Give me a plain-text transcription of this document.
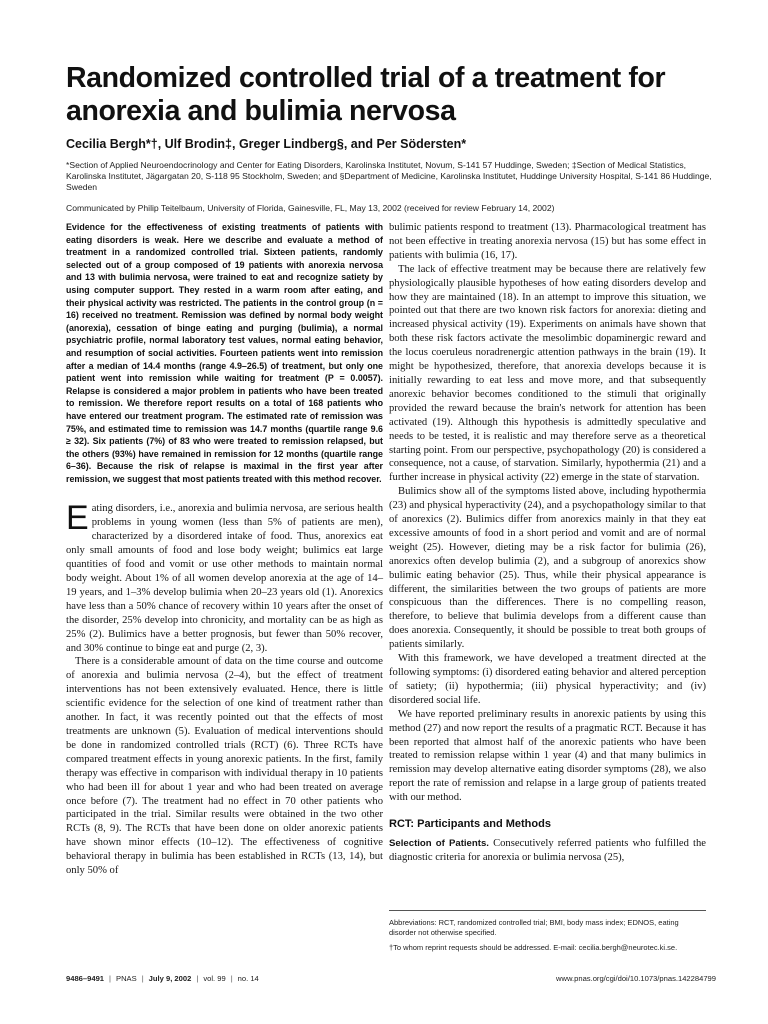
Randomized controlled trial of a treatment for anorexia and bulimia nervosa

Cecilia Bergh*†, Ulf Brodin‡, Greger Lindberg§, and Per Södersten*

*Section of Applied Neuroendocrinology and Center for Eating Disorders, Karolinska Institutet, Novum, S-141 57 Huddinge, Sweden; ‡Section of Medical Statistics, Karolinska Institutet, Jägargatan 20, S-118 95 Stockholm, Sweden; and §Department of Medicine, Karolinska Institutet, Huddinge University Hospital, S-141 86 Huddinge, Sweden

Communicated by Philip Teitelbaum, University of Florida, Gainesville, FL, May 13, 2002 (received for review February 14, 2002)

Evidence for the effectiveness of existing treatments of patients with eating disorders is weak. Here we describe and evaluate a method of treatment in a randomized controlled trial. Sixteen patients, randomly selected out of a group composed of 19 patients with anorexia nervosa and 13 with bulimia nervosa, were trained to eat and recognize satiety by using computer support. They rested in a warm room after eating, and their physical activity was restricted. The patients in the control group (n = 16) received no treatment. Remission was defined by normal body weight (anorexia), cessation of binge eating and purging (bulimia), a normal psychiatric profile, normal laboratory test values, normal eating behavior, and resumption of social activities. Fourteen patients went into remission after a median of 14.4 months (range 4.9–26.5) of treatment, but only one patient went into remission while waiting for treatment (P = 0.0057). Relapse is considered a major problem in patients who have been treated to remission. We therefore report results on a total of 168 patients who have entered our treatment program. The estimated rate of remission was 75%, and estimated time to remission was 14.7 months (quartile range 9.6 ≥ 32). Six patients (7%) of 83 who were treated to remission relapsed, but the others (93%) have remained in remission for 12 months (quartile range 6–36). Because the risk of relapse is maximal in the first year after remission, we suggest that most patients treated with this method recover.

E ating disorders, i.e., anorexia and bulimia nervosa, are serious health problems in young women (less than 5% of patients are men), characterized by a disordered intake of food. Thus, anorexics eat only small amounts of food and lose body weight; bulimics eat large quantities of food and vomit or use other methods to maintain normal body weight. About 1% of all women develop anorexia at the age of 14–19 years, and 1–3% develop bulimia when 20–23 years old (1). Anorexics have less than a 50% chance of recovery within 10 years after the onset of the disorder, 25% develop into chronicity, and mortality can be as high as 25% (2). Bulimics have a better prognosis, but fewer than 50% recover, and 30% continue to binge eat and purge (2, 3).

There is a considerable amount of data on the time course and outcome of anorexia and bulimia nervosa (2–4), but the effect of treatment interventions has not been extensively evaluated. Hence, there is little scientific evidence for the selection of one kind of treatment rather than another. In fact, it was recently pointed out that the effects of most treatments are unknown (5). Evaluation of medical interventions should be done in randomized controlled trials (RCT) (6). Three RCTs have compared treatment effects in young anorexic patients. In the first, family therapy was effective in comparison with individual therapy in 10 patients who had been ill for about 1 year and who had been treated on average once before (7). The treatment had no effect in 70 other patients who participated in the trial. Similar results were obtained in the two other RCTs (8, 9). The RCTs that have been done on older anorexic patients have shown minor effects (10–12). The effectiveness of cognitive behavioral therapy in bulimia has been established in RCTs (13, 14), but only 50% of

bulimic patients respond to treatment (13). Pharmacological treatment has not been effective in treating anorexia nervosa (15) but has some effect in patients with bulimia (16, 17).

The lack of effective treatment may be because there are relatively few physiologically plausible hypotheses of how eating disorders develop and how they are maintained (18). In an attempt to improve this situation, we pointed out that there are two known risk factors for anorexia: dieting and increased physical activity (19). Experiments on animals have shown that both these risk factors activate the mesolimbic dopaminergic reward and the locus coeruleus noradrenergic attention pathways in the brain (19). It might be hypothesized, therefore, that anorexia develops because it is initially rewarding to eat less and move more, and that subsequently anorexic behavior becomes conditioned to the stimuli that originally provided the reward because the brain's network for attention has been activated (19). Although this hypothesis is admittedly speculative and needs to be tested, it is realistic and may therefore serve as a theoretical starting point. From our perspective, psychopathology (20) is considered a consequence, not a cause, of starvation. Similarly, hypothermia (21) and a further increase in physical activity (22) emerge in the state of starvation.

Bulimics show all of the symptoms listed above, including hypothermia (23) and physical hyperactivity (24), and a psychopathology similar to that of anorexics (2). Bulimics differ from anorexics mainly in that they eat excessive amounts of food in a short period and vomit and are of normal weight (25). However, dieting may be a risk factor for bulimia (26), anorexics often develop bulimia (2), and a subgroup of anorexics show bulimic eating behavior (25). Thus, while their physical appearance is different, the similarities between the two groups of patients are more conspicuous than the differences. There is no compelling reason, therefore, to believe that bulimia develops from a different cause than does anorexia. Consequently, it should be possible to treat both groups of patients similarly.

With this framework, we have developed a treatment directed at the following symptoms: (i) disordered eating behavior and altered perception of satiety; (ii) hypothermia; (iii) physical hyperactivity; and (iv) disordered social life.

We have reported preliminary results in anorexic patients by using this method (27) and now report the results of a pragmatic RCT. Because it has been reported that almost half of the anorexic patients who have been treated to remission relapse within 1 year (4) and that many bulimics in remission may develop alternative eating disorder symptoms (28), we also report the rate of remission and relapse in a large group of patients treated with our method.

RCT: Participants and Methods

Selection of Patients. Consecutively referred patients who fulfilled the diagnostic criteria for anorexia or bulimia nervosa (25),

Abbreviations: RCT, randomized controlled trial; BMI, body mass index; EDNOS, eating disorder not otherwise specified.

†To whom reprint requests should be addressed. E-mail: cecilia.bergh@neurotec.ki.se.

9486–9491 | PNAS | July 9, 2002 | vol. 99 | no. 14	www.pnas.org/cgi/doi/10.1073/pnas.142284799
